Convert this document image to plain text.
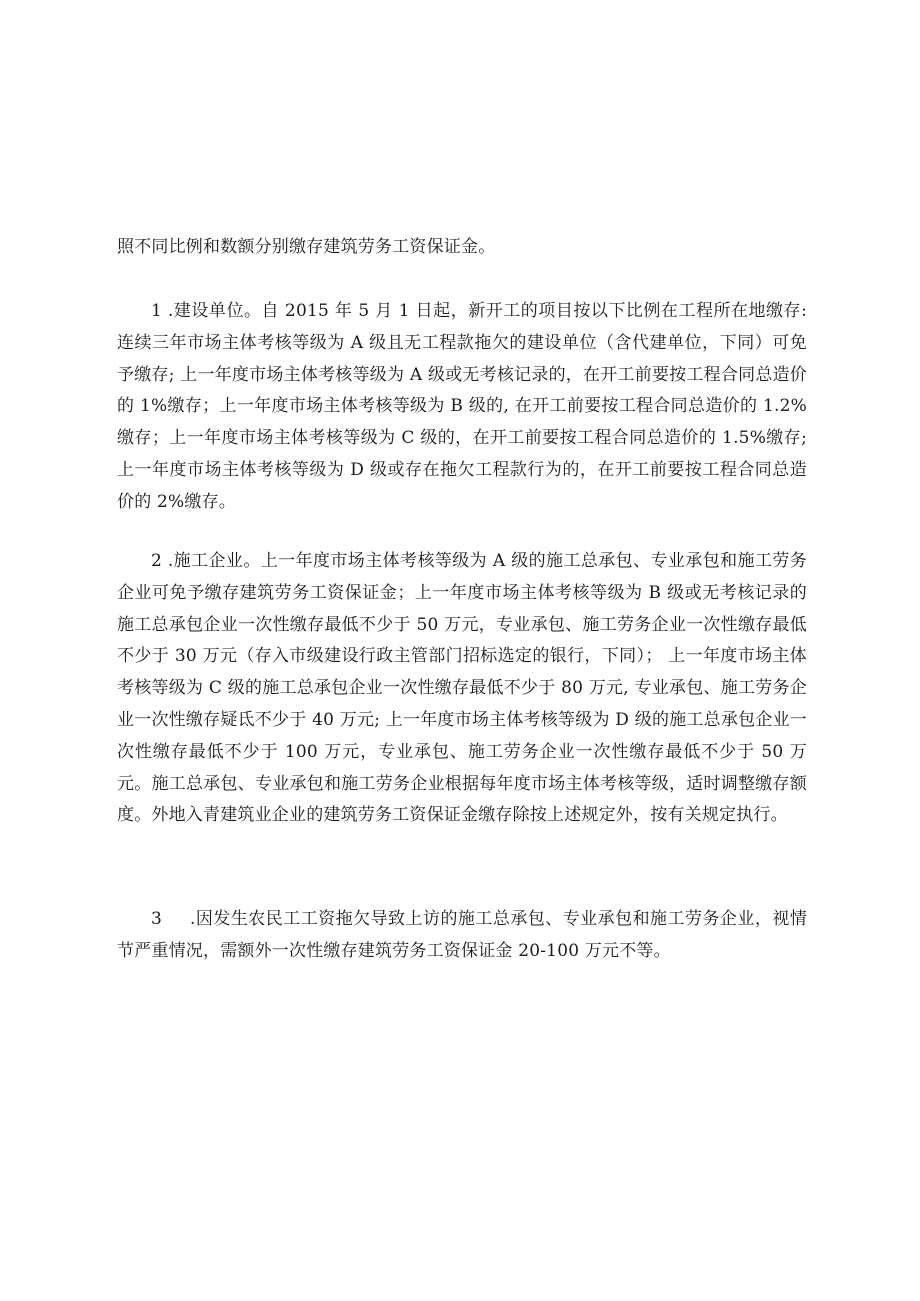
照不同比例和数额分别缴存建筑劳务工资保证金。

1 .建设单位。自 2015 年 5 月 1 日起，新开工的项目按以下比例在工程所在地缴存: 连续三年市场主体考核等级为 A 级且无工程款拖欠的建设单位（含代建单位，下同）可免予缴存; 上一年度市场主体考核等级为 A 级或无考核记录的，在开工前要按工程合同总造价的 1%缴存；上一年度市场主体考核等级为 B 级的, 在开工前要按工程合同总造价的 1.2%缴存；上一年度市场主体考核等级为 C 级的，在开工前要按工程合同总造价的 1.5%缴存; 上一年度市场主体考核等级为 D 级或存在拖欠工程款行为的，在开工前要按工程合同总造价的 2%缴存。

2 .施工企业。上一年度市场主体考核等级为 A 级的施工总承包、专业承包和施工劳务企业可免予缴存建筑劳务工资保证金；上一年度市场主体考核等级为 B 级或无考核记录的施工总承包企业一次性缴存最低不少于 50 万元，专业承包、施工劳务企业一次性缴存最低不少于 30 万元（存入市级建设行政主管部门招标选定的银行，下同）； 上一年度市场主体考核等级为 C 级的施工总承包企业一次性缴存最低不少于 80 万元, 专业承包、施工劳务企业一次性缴存疑氐不少于 40 万元; 上一年度市场主体考核等级为 D 级的施工总承包企业一次性缴存最低不少于 100 万元，专业承包、施工劳务企业一次性缴存最低不少于 50 万元。施工总承包、专业承包和施工劳务企业根据每年度市场主体考核等级，适时调整缴存额度。外地入青建筑业企业的建筑劳务工资保证金缴存除按上述规定外，按有关规定执行。

3 .因发生农民工工资拖欠导致上访的施工总承包、专业承包和施工劳务企业，视情节严重情况，需额外一次性缴存建筑劳务工资保证金 20-100 万元不等。
